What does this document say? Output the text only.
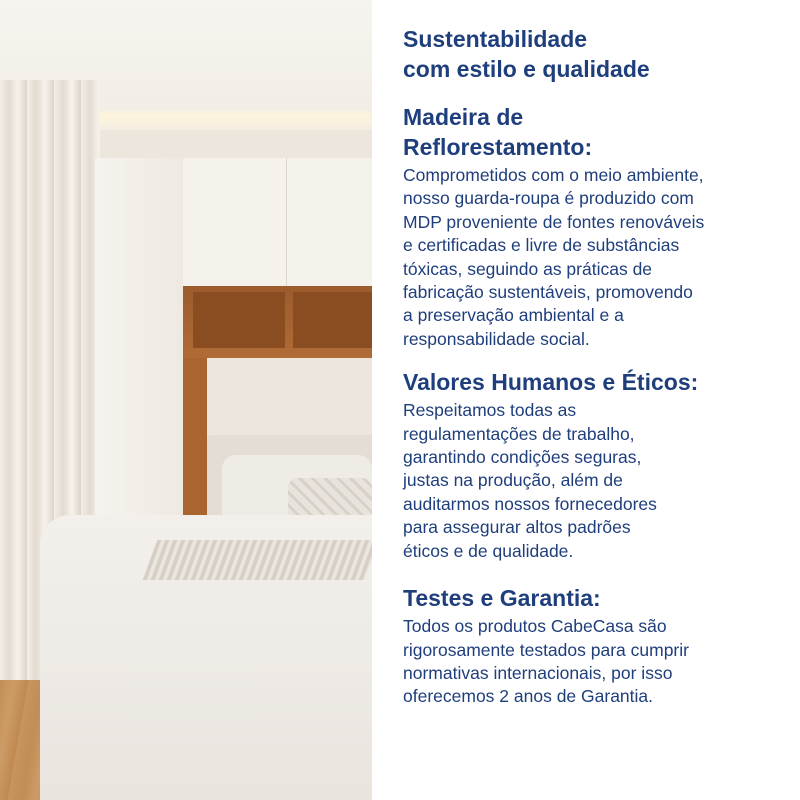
Sustentabilidade
com estilo e qualidade

Madeira de
Reflorestamento:

Comprometidos com o meio ambiente,
nosso guarda-roupa é produzido com
MDP proveniente de fontes renováveis
e certificadas e livre de substâncias
tóxicas, seguindo as práticas de
fabricação sustentáveis, promovendo
a preservação ambiental e a
responsabilidade social.

Valores Humanos e Éticos:

Respeitamos todas as
regulamentações de trabalho,
garantindo condições seguras,
justas na produção, além de
auditarmos nossos fornecedores
para assegurar altos padrões
éticos e de qualidade.

Testes e Garantia:

Todos os produtos CabeCasa são
rigorosamente testados para cumprir
normativas internacionais, por isso
oferecemos 2 anos de Garantia.
